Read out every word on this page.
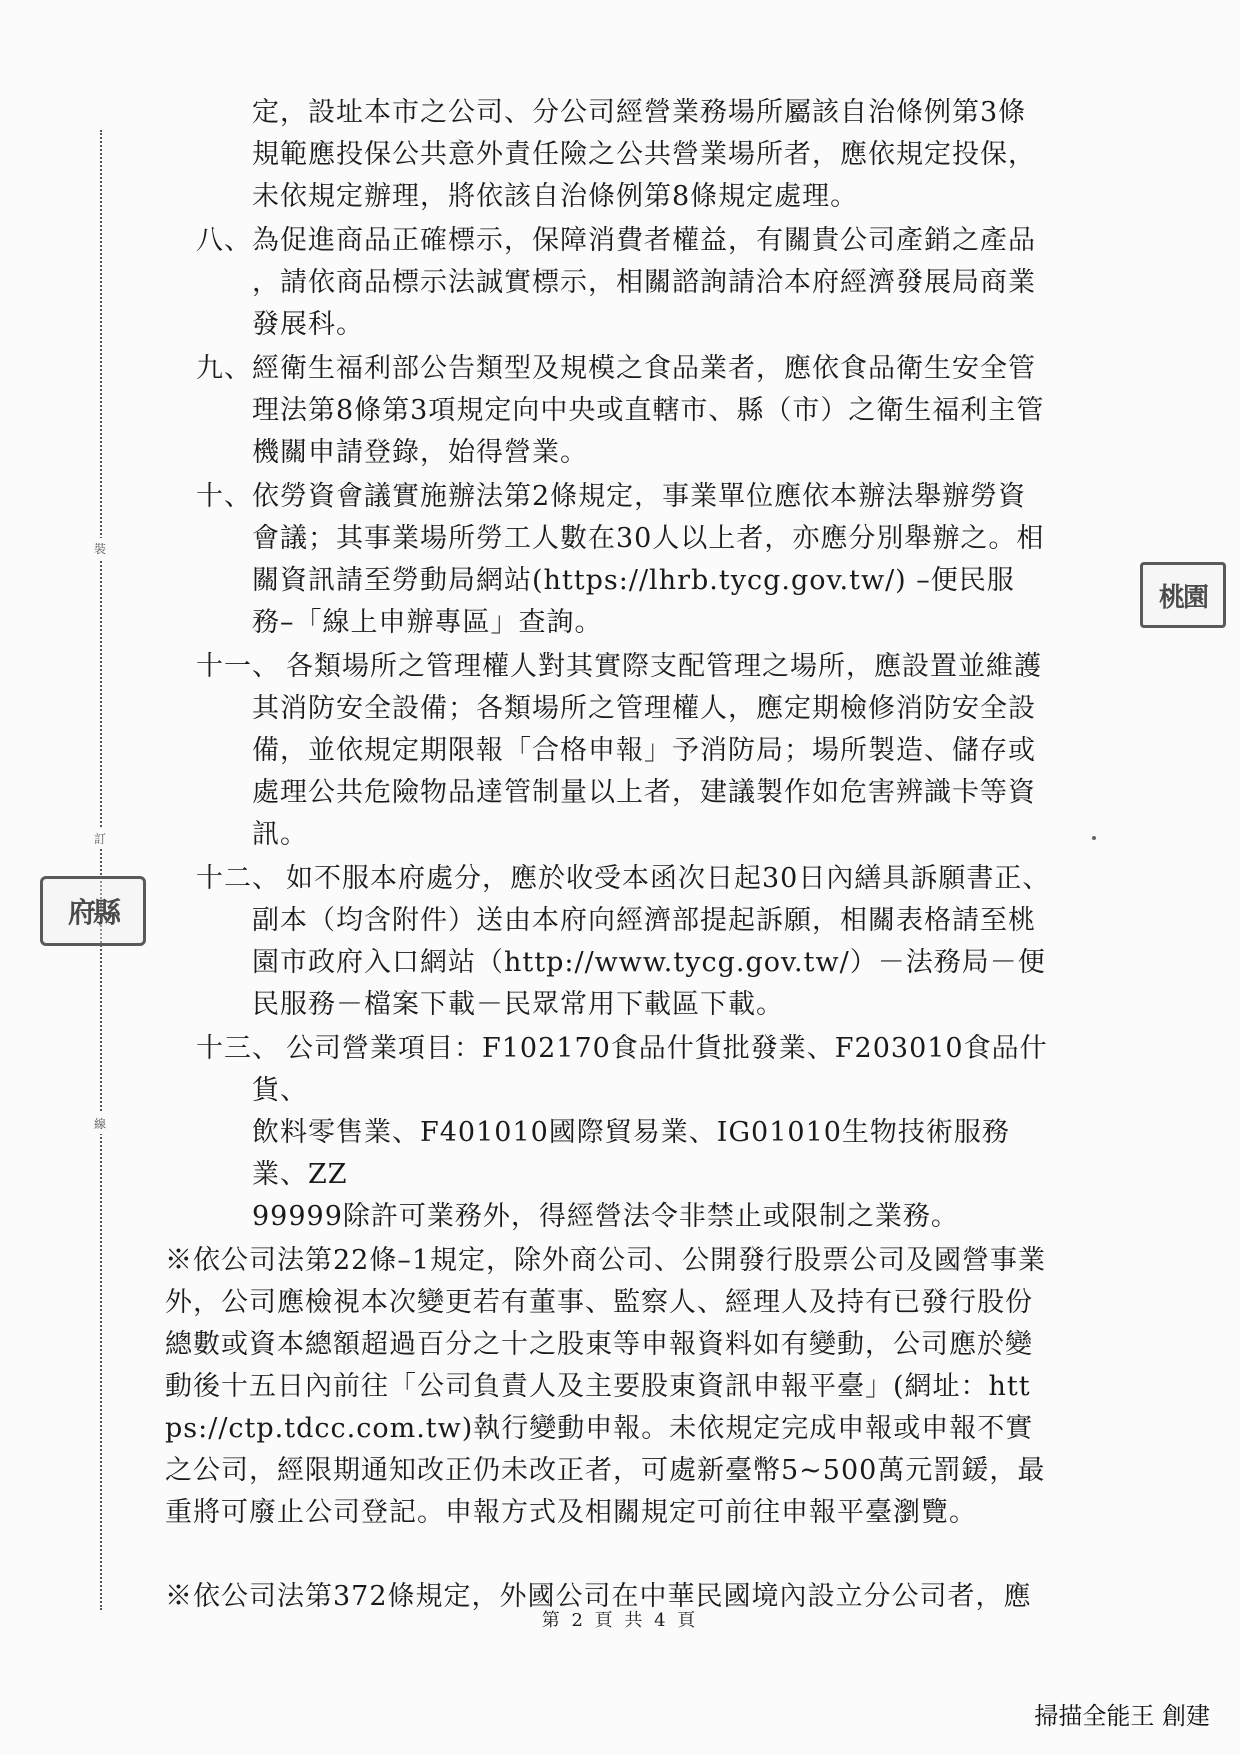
裝
訂
線
桃園
府縣
定，設址本市之公司、分公司經營業務場所屬該自治條例第3條
規範應投保公共意外責任險之公共營業場所者，應依規定投保，
未依規定辦理，將依該自治條例第8條規定處理。
八、 為促進商品正確標示，保障消費者權益，有關貴公司產銷之產品
，請依商品標示法誠實標示，相關諮詢請洽本府經濟發展局商業
發展科。
九、 經衛生福利部公告類型及規模之食品業者，應依食品衛生安全管
理法第8條第3項規定向中央或直轄市、縣（市）之衛生福利主管
機關申請登錄，始得營業。
十、 依勞資會議實施辦法第2條規定，事業單位應依本辦法舉辦勞資
會議；其事業場所勞工人數在30人以上者，亦應分別舉辦之。相
關資訊請至勞動局網站(https://lhrb.tycg.gov.tw/) –便民服
務–「線上申辦專區」查詢。
十一、 各類場所之管理權人對其實際支配管理之場所，應設置並維護
其消防安全設備；各類場所之管理權人，應定期檢修消防安全設
備，並依規定期限報「合格申報」予消防局；場所製造、儲存或
處理公共危險物品達管制量以上者，建議製作如危害辨識卡等資
訊。
十二、 如不服本府處分，應於收受本函次日起30日內繕具訴願書正、
副本（均含附件）送由本府向經濟部提起訴願，相關表格請至桃
園市政府入口網站（http://www.tycg.gov.tw/）－法務局－便
民服務－檔案下載－民眾常用下載區下載。
十三、 公司營業項目：F102170食品什貨批發業、F203010食品什貨、
飲料零售業、F401010國際貿易業、IG01010生物技術服務業、ZZ
99999除許可業務外，得經營法令非禁止或限制之業務。
※依公司法第22條–1規定，除外商公司、公開發行股票公司及國營事業
外，公司應檢視本次變更若有董事、監察人、經理人及持有已發行股份
總數或資本總額超過百分之十之股東等申報資料如有變動，公司應於變
動後十五日內前往「公司負責人及主要股東資訊申報平臺」(網址：htt
ps://ctp.tdcc.com.tw)執行變動申報。未依規定完成申報或申報不實
之公司，經限期通知改正仍未改正者，可處新臺幣5~500萬元罰鍰，最
重將可廢止公司登記。申報方式及相關規定可前往申報平臺瀏覽。
※依公司法第372條規定，外國公司在中華民國境內設立分公司者，應
第 2 頁 共 4 頁
掃描全能王 創建
